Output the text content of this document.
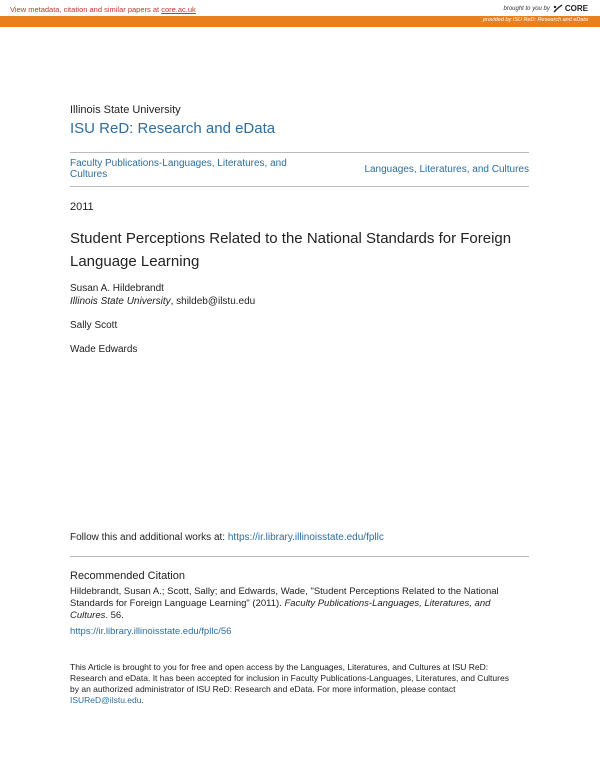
View metadata, citation and similar papers at core.ac.uk	brought to you by CORE
provided by ISU ReD: Research and eData
Illinois State University
ISU ReD: Research and eData
Faculty Publications-Languages, Literatures, and Cultures	Languages, Literatures, and Cultures
2011
Student Perceptions Related to the National Standards for Foreign Language Learning
Susan A. Hildebrandt
Illinois State University, shildeb@ilstu.edu
Sally Scott
Wade Edwards
Follow this and additional works at: https://ir.library.illinoisstate.edu/fpllc
Recommended Citation
Hildebrandt, Susan A.; Scott, Sally; and Edwards, Wade, "Student Perceptions Related to the National Standards for Foreign Language Learning" (2011). Faculty Publications-Languages, Literatures, and Cultures. 56.
https://ir.library.illinoisstate.edu/fpllc/56
This Article is brought to you for free and open access by the Languages, Literatures, and Cultures at ISU ReD: Research and eData. It has been accepted for inclusion in Faculty Publications-Languages, Literatures, and Cultures by an authorized administrator of ISU ReD: Research and eData. For more information, please contact ISUReD@ilstu.edu.
